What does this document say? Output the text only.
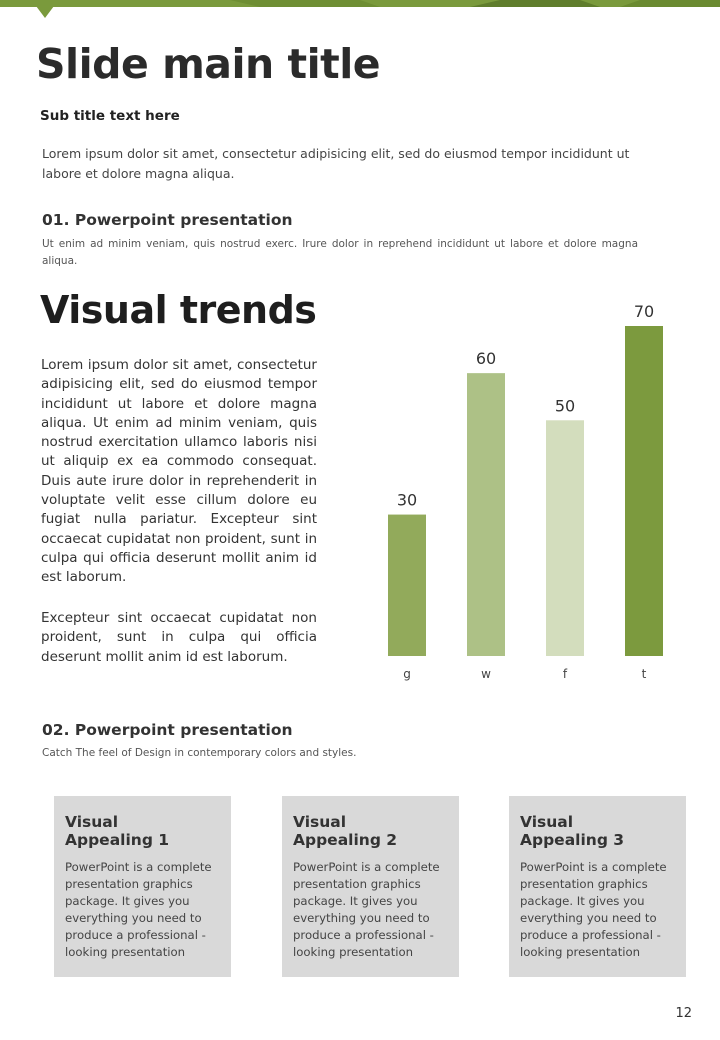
Slide main title

Sub title text here

Lorem ipsum dolor sit amet, consectetur adipisicing elit, sed do eiusmod tempor incididunt ut labore et dolore magna aliqua.

01. Powerpoint presentation

Ut enim ad minim veniam, quis nostrud exerc. Irure dolor in reprehend incididunt ut labore et dolore magna aliqua.

Visual trends

Lorem ipsum dolor sit amet, consectetur adipisicing elit, sed do eiusmod tempor incididunt ut labore et dolore magna aliqua. Ut enim ad minim veniam, quis nostrud exercitation ullamco laboris nisi ut aliquip ex ea commodo consequat. Duis aute irure dolor in reprehenderit in voluptate velit esse cillum dolore eu fugiat nulla pariatur. Excepteur sint occaecat cupidatat non proident, sunt in culpa qui officia deserunt mollit anim id est laborum.

Excepteur sint occaecat cupidatat non proident, sunt in culpa qui officia deserunt mollit anim id est laborum.

30
g
60
w
50
f
70
t
02. Powerpoint presentation

Catch The feel of Design in contemporary colors and styles.

Visual
Appealing 1

PowerPoint is a complete presentation graphics package. It gives you everything you need to produce a professional - looking presentation

Visual
Appealing 2

PowerPoint is a complete presentation graphics package. It gives you everything you need to produce a professional - looking presentation

Visual
Appealing 3

PowerPoint is a complete presentation graphics package. It gives you everything you need to produce a professional - looking presentation

12
